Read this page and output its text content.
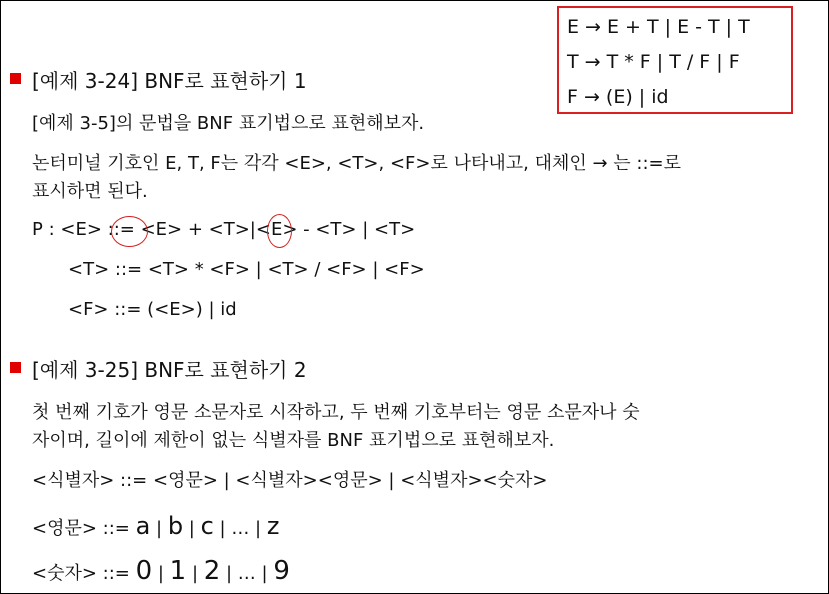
E → E + T | E - T | T
T → T * F | T / F | F
F → (E) | id
[예제 3-24] BNF로 표현하기 1
[예제 3-5]의 문법을 BNF 표기법으로 표현해보자.
논터미널 기호인 E, T, F는 각각 <E>, <T>, <F>로 나타내고, 대체인 → 는 ::=로
표시하면 된다.
P : <E> ::= <E> + <T>|<E> - <T> | <T>
<T> ::= <T> * <F> | <T> / <F> | <F>
<F> ::= (<E>) | id
[예제 3-25] BNF로 표현하기 2
첫 번째 기호가 영문 소문자로 시작하고, 두 번째 기호부터는 영문 소문자나 숫
자이며, 길이에 제한이 없는 식별자를 BNF 표기법으로 표현해보자.
<식별자> ::= <영문> | <식별자><영문> | <식별자><숫자>
<영문> ::= a | b | c | … | z
<숫자> ::= 0 | 1 | 2 | … | 9
